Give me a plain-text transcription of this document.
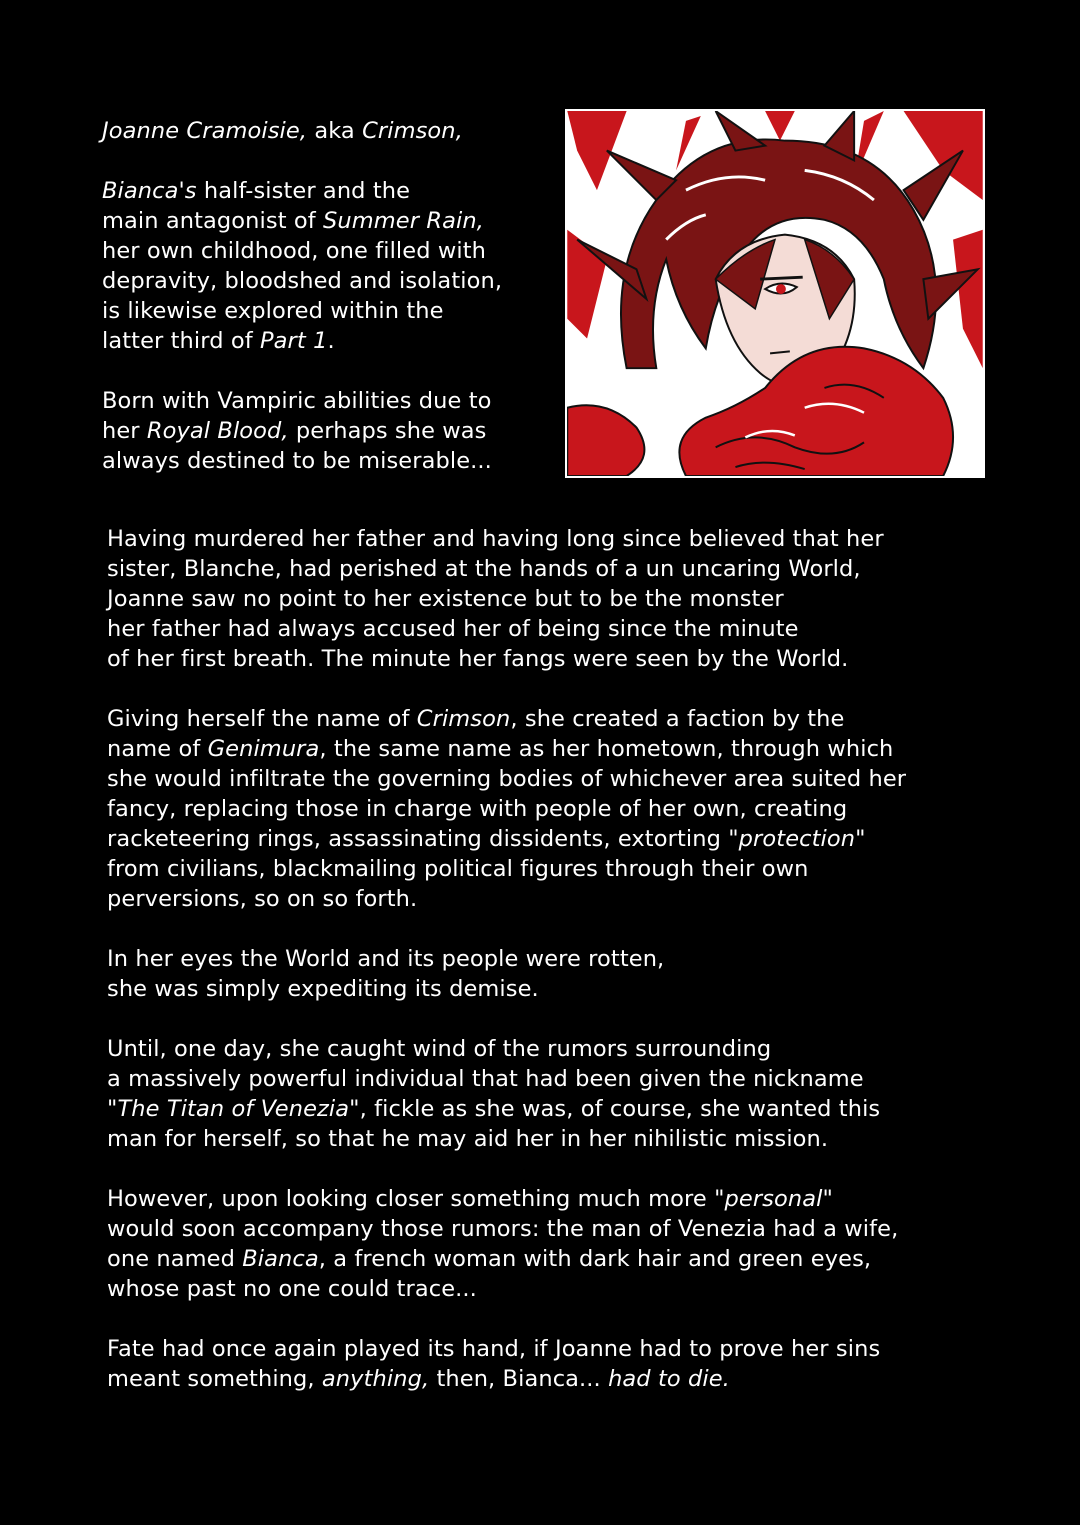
Joanne Cramoisie, aka Crimson,

Bianca's half-sister and the
main antagonist of Summer Rain,
her own childhood, one filled with
depravity, bloodshed and isolation,
is likewise explored within the
latter third of Part 1.

Born with Vampiric abilities due to
her Royal Blood, perhaps she was
always destined to be miserable...

Having murdered her father and having long since believed that her
sister, Blanche, had perished at the hands of a un uncaring World,
Joanne saw no point to her existence but to be the monster
her father had always accused her of being since the minute
of her first breath. The minute her fangs were seen by the World.

Giving herself the name of Crimson, she created a faction by the
name of Genimura, the same name as her hometown, through which
she would infiltrate the governing bodies of whichever area suited her
fancy, replacing those in charge with people of her own, creating
racketeering rings, assassinating dissidents, extorting "protection"
from civilians, blackmailing political figures through their own
perversions, so on so forth.

In her eyes the World and its people were rotten,
she was simply expediting its demise.

Until, one day, she caught wind of the rumors surrounding
a massively powerful individual that had been given the nickname
"The Titan of Venezia", fickle as she was, of course, she wanted this
man for herself, so that he may aid her in her nihilistic mission.

However, upon looking closer something much more "personal"
would soon accompany those rumors: the man of Venezia had a wife,
one named Bianca, a french woman with dark hair and green eyes,
whose past no one could trace...

Fate had once again played its hand, if Joanne had to prove her sins
meant something, anything, then, Bianca... had to die.
